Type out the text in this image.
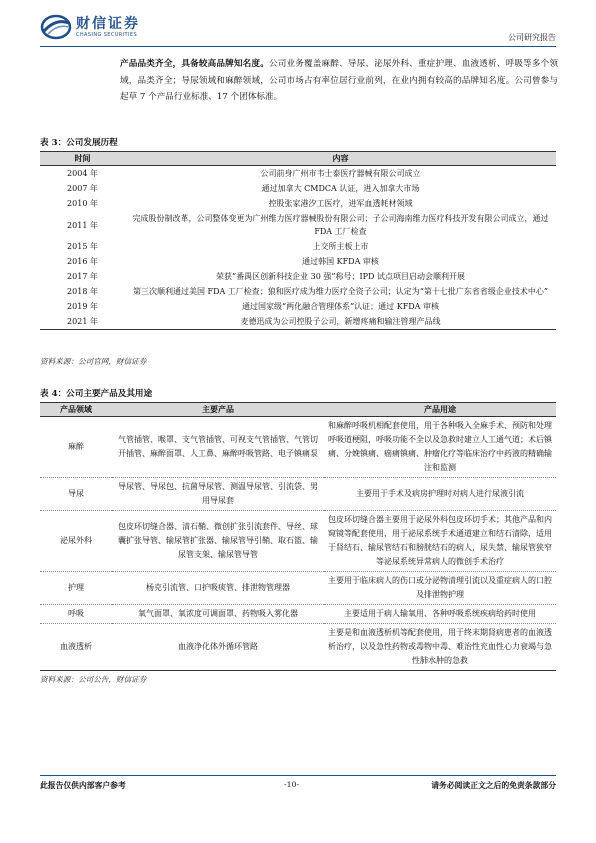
财信证券
CHASING SECURITIES	公司研究报告
产品品类齐全，具备较高品牌知名度。公司业务覆盖麻醉、导尿、泌尿外科、重症护理、血液透析、呼吸等多个领域，品类齐全；导尿领域和麻醉领域，公司市场占有率位居行业前列，在业内拥有较高的品牌知名度。公司曾参与起草 7 个产品行业标准、17 个团体标准。
表 3：公司发展历程
时间	内容
2004 年	公司前身广州市韦士泰医疗器械有限公司成立
2007 年	通过加拿大 CMDCA 认证，进入加拿大市场
2010 年	控股张家港汐工医疗，进军血透耗材领域
2011 年	完成股份制改革，公司整体变更为广州维力医疗器械股份有限公司；子公司海南维力医疗科技开发有限公司成立，通过 FDA 工厂检查
2015 年	上交所主板上市
2016 年	通过韩国 KFDA 审核
2017 年	荣获“番禺区创新科技企业 30 强”称号；IPD 试点项目启动会顺利开展
2018 年	第三次顺利通过美国 FDA 工厂检查；狼和医疗成为维力医疗全资子公司；认定为“第十七批广东省省级企业技术中心”
2019 年	通过国家级“两化融合管理体系”认证；通过 KFDA 审核
2021 年	麦德迅成为公司控股子公司，新增疼痛和输注管理产品线
资料来源：公司官网，财信证券
表 4：公司主要产品及其用途
产品领域	主要产品	产品用途
麻醉	气管插管、喉罩、支气管插管、可视支气管插管、气管切开插管、麻醉面罩、人工鼻、麻醉呼吸管路、电子镇痛泵	和麻醉呼吸机相配套使用，用于各种吸入全麻手术、预防和处理呼吸道梗阻，呼吸功能不全以及急救时建立人工通气道；术后镇痛、分娩镇痛、癌痛镇痛、肿瘤化疗等临床治疗中药液的精确输注和监测
导尿	导尿管、导尿包、抗菌导尿管、测温导尿管、引流袋、男用导尿套	主要用于手术及病房护理时对病人进行尿液引流
泌尿外科	包皮环切缝合器、清石鞘、微创扩张引流套件、导丝、球囊扩张导管、输尿管扩张器、输尿管导引鞘、取石篮、输尿管支架、输尿管导管	包皮环切缝合器主要用于泌尿外科包皮环切手术；其他产品和内窥镜等配套使用，用于泌尿系统手术通道建立和结石清除，适用于肾结石、输尿管结石和膀胱结石的病人，尿失禁、输尿管狭窄等泌尿系统异常病人的微创手术治疗
护理	杨克引流管、口护吸痰管、排泄物管理器	主要用于临床病人的伤口或分泌物清理引流以及重症病人的口腔及排泄物护理
呼吸	氧气面罩、氧浓度可调面罩、药物吸入雾化器	主要适用于病人输氧用、各种呼吸系统疾病给药时使用
血液透析	血液净化体外循环管路	主要是和血液透析机等配套使用，用于终末期肾病患者的血液透析治疗，以及急性药物或毒物中毒、难治性充血性心力衰竭与急性肺水肿的急救
资料来源：公司公告，财信证券
此报告仅供内部客户参考	-10-	请务必阅读正文之后的免责条款部分
